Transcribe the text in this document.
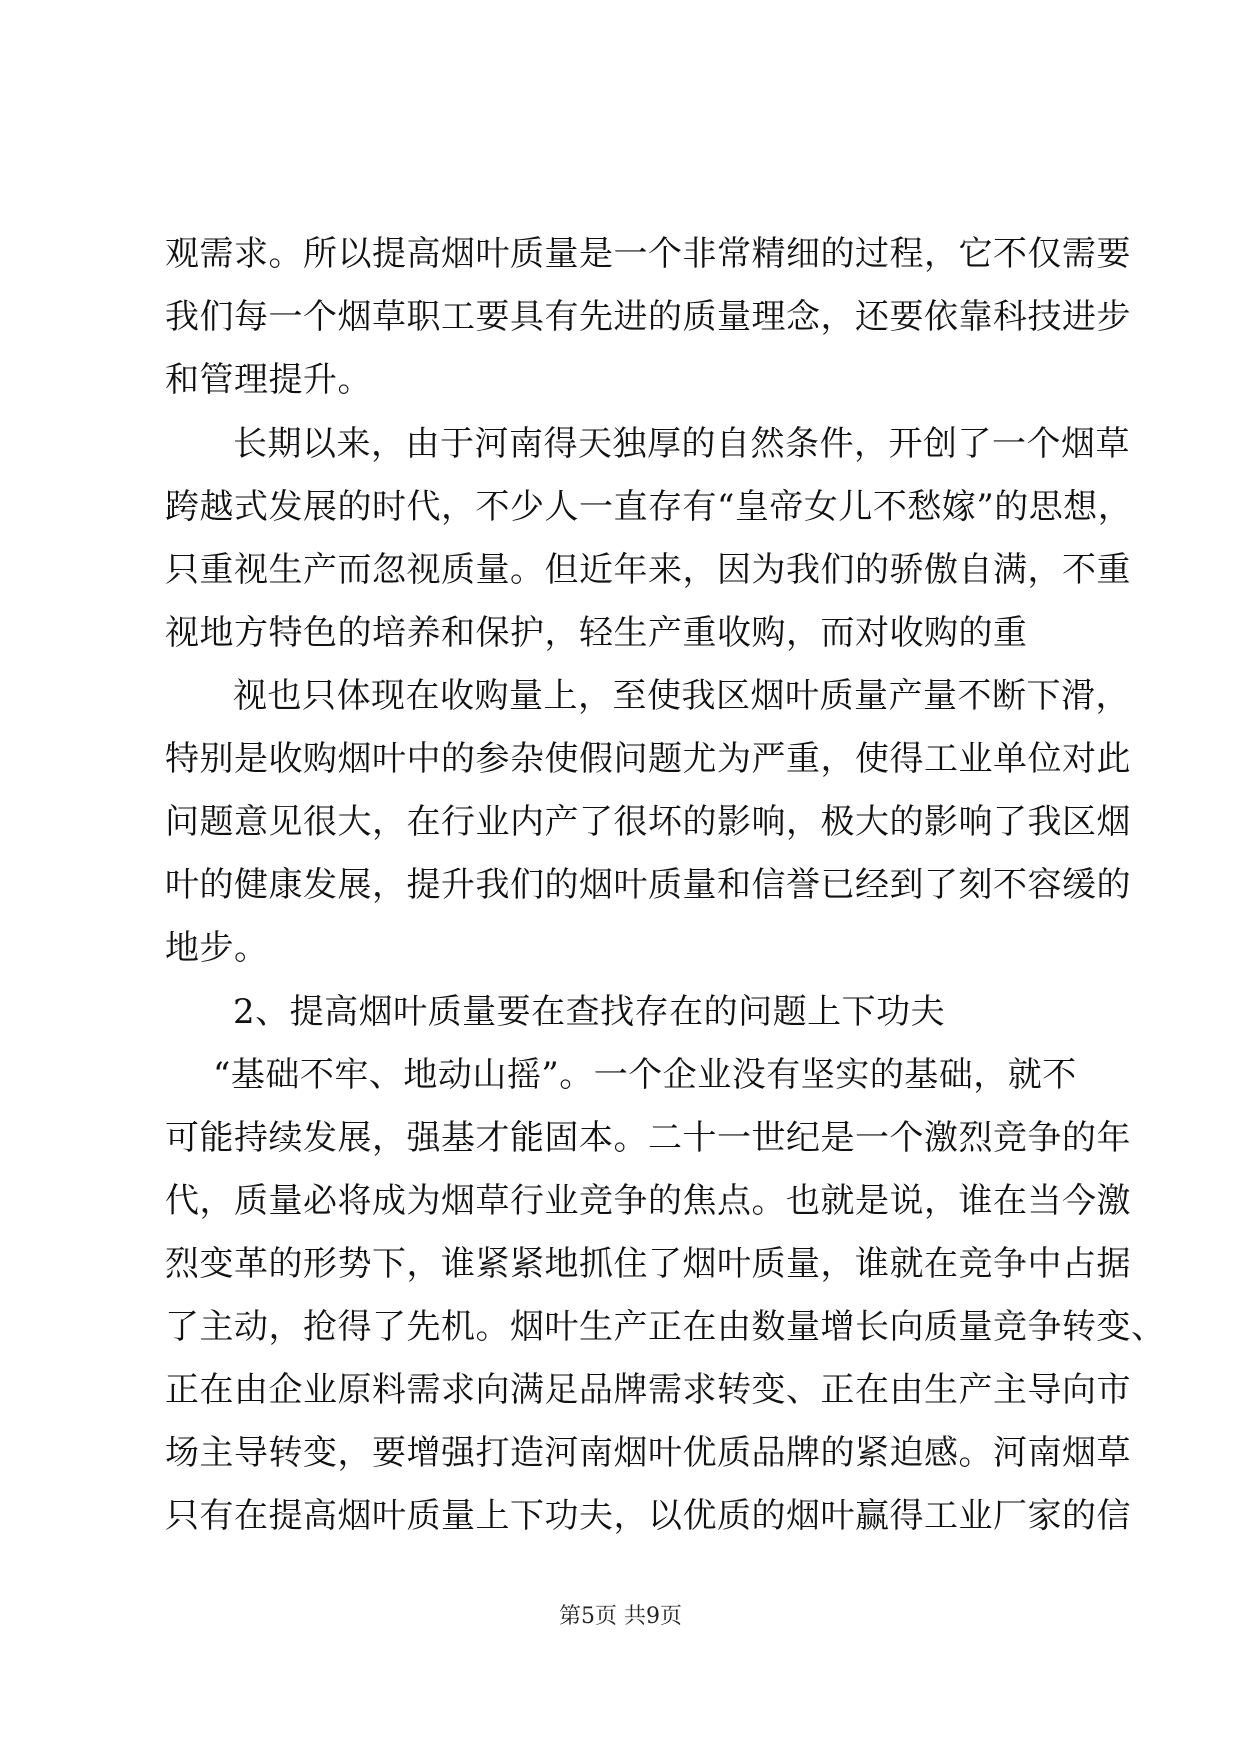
观需求。所以提高烟叶质量是一个非常精细的过程，它不仅需要
我们每一个烟草职工要具有先进的质量理念，还要依靠科技进步
和管理提升。
长期以来，由于河南得天独厚的自然条件，开创了一个烟草
跨越式发展的时代，不少人一直存有“皇帝女儿不愁嫁”的思想，
只重视生产而忽视质量。但近年来，因为我们的骄傲自满，不重
视地方特色的培养和保护，轻生产重收购，而对收购的重
视也只体现在收购量上，至使我区烟叶质量产量不断下滑，
特别是收购烟叶中的参杂使假问题尤为严重，使得工业单位对此
问题意见很大，在行业内产了很坏的影响，极大的影响了我区烟
叶的健康发展，提升我们的烟叶质量和信誉已经到了刻不容缓的
地步。
2、提高烟叶质量要在查找存在的问题上下功夫
“基础不牢、地动山摇”。一个企业没有坚实的基础，就不
可能持续发展，强基才能固本。二十一世纪是一个激烈竞争的年
代，质量必将成为烟草行业竞争的焦点。也就是说，谁在当今激
烈变革的形势下，谁紧紧地抓住了烟叶质量，谁就在竞争中占据
了主动，抢得了先机。烟叶生产正在由数量增长向质量竞争转变、
正在由企业原料需求向满足品牌需求转变、正在由生产主导向市
场主导转变，要增强打造河南烟叶优质品牌的紧迫感。河南烟草
只有在提高烟叶质量上下功夫，以优质的烟叶赢得工业厂家的信
第5页 共9页
